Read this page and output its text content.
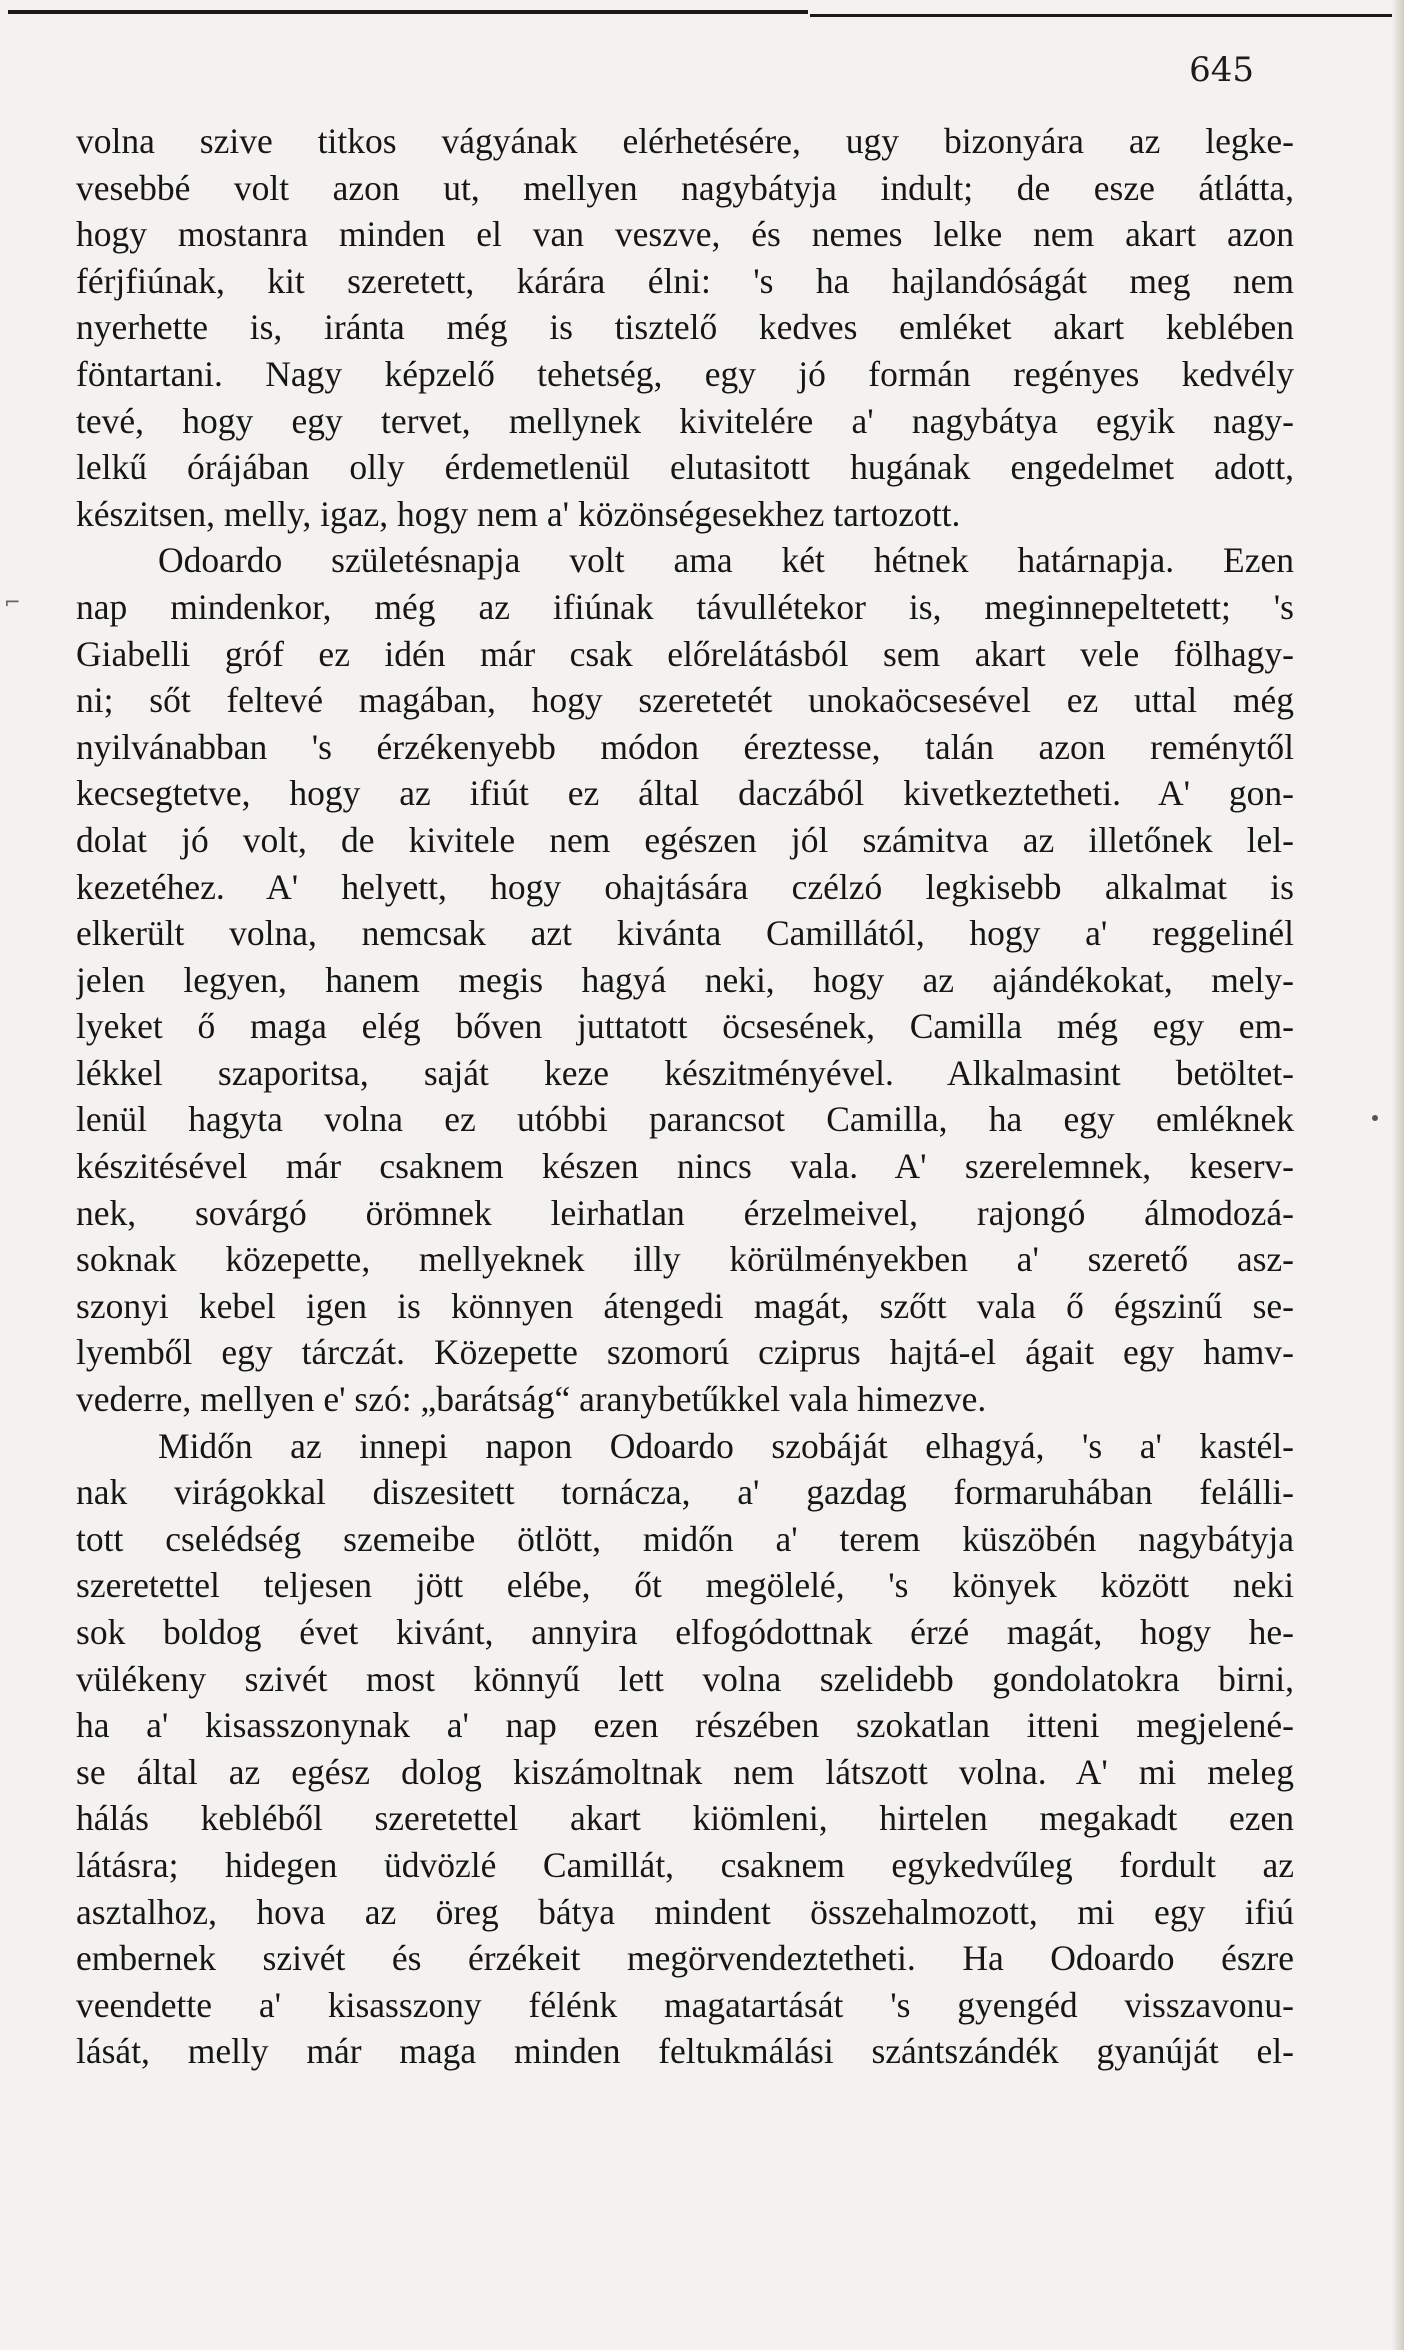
645
⌐
volna szive titkos vágyának elérhetésére, ugy bizonyára az legke-
vesebbé volt azon ut, mellyen nagybátyja indult; de esze átlátta,
hogy mostanra minden el van veszve, és nemes lelke nem akart azon
férjfiúnak, kit szeretett, kárára élni: 's ha hajlandóságát meg nem
nyerhette is, iránta még is tisztelő kedves emléket akart keblében
föntartani. Nagy képzelő tehetség, egy jó formán regényes kedvély
tevé, hogy egy tervet, mellynek kivitelére a' nagybátya egyik nagy-
lelkű órájában olly érdemetlenül elutasitott hugának engedelmet adott,
készitsen, melly, igaz, hogy nem a' közönségesekhez tartozott.
Odoardo születésnapja volt ama két hétnek határnapja. Ezen
nap mindenkor, még az ifiúnak távullétekor is, meginnepeltetett; 's
Giabelli gróf ez idén már csak előrelátásból sem akart vele fölhagy-
ni; sőt feltevé magában, hogy szeretetét unokaöcsesével ez uttal még
nyilvánabban 's érzékenyebb módon éreztesse, talán azon reménytől
kecsegtetve, hogy az ifiút ez által daczából kivetkeztetheti. A' gon-
dolat jó volt, de kivitele nem egészen jól számitva az illetőnek lel-
kezetéhez. A' helyett, hogy ohajtására czélzó legkisebb alkalmat is
elkerült volna, nemcsak azt kivánta Camillától, hogy a' reggelinél
jelen legyen, hanem megis hagyá neki, hogy az ajándékokat, mely-
lyeket ő maga elég bőven juttatott öcsesének, Camilla még egy em-
lékkel szaporitsa, saját keze készitményével. Alkalmasint betöltet-
lenül hagyta volna ez utóbbi parancsot Camilla, ha egy emléknek
készitésével már csaknem készen nincs vala. A' szerelemnek, keserv-
nek, sovárgó örömnek leirhatlan érzelmeivel, rajongó álmodozá-
soknak közepette, mellyeknek illy körülményekben a' szerető asz-
szonyi kebel igen is könnyen átengedi magát, szőtt vala ő égszinű se-
lyemből egy tárczát. Közepette szomorú cziprus hajtá-el ágait egy hamv-
vederre, mellyen e' szó: „barátság“ aranybetűkkel vala himezve.
Midőn az innepi napon Odoardo szobáját elhagyá, 's a' kastél-
nak virágokkal diszesitett tornácza, a' gazdag formaruhában felálli-
tott cselédség szemeibe ötlött, midőn a' terem küszöbén nagybátyja
szeretettel teljesen jött elébe, őt megölelé, 's könyek között neki
sok boldog évet kivánt, annyira elfogódottnak érzé magát, hogy he-
vülékeny szivét most könnyű lett volna szelidebb gondolatokra birni,
ha a' kisasszonynak a' nap ezen részében szokatlan itteni megjelené-
se által az egész dolog kiszámoltnak nem látszott volna. A' mi meleg
hálás kebléből szeretettel akart kiömleni, hirtelen megakadt ezen
látásra; hidegen üdvözlé Camillát, csaknem egykedvűleg fordult az
asztalhoz, hova az öreg bátya mindent összehalmozott, mi egy ifiú
embernek szivét és érzékeit megörvendeztetheti. Ha Odoardo észre
veendette a' kisasszony félénk magatartását 's gyengéd visszavonu-
lását, melly már maga minden feltukmálási szántszándék gyanúját el-
